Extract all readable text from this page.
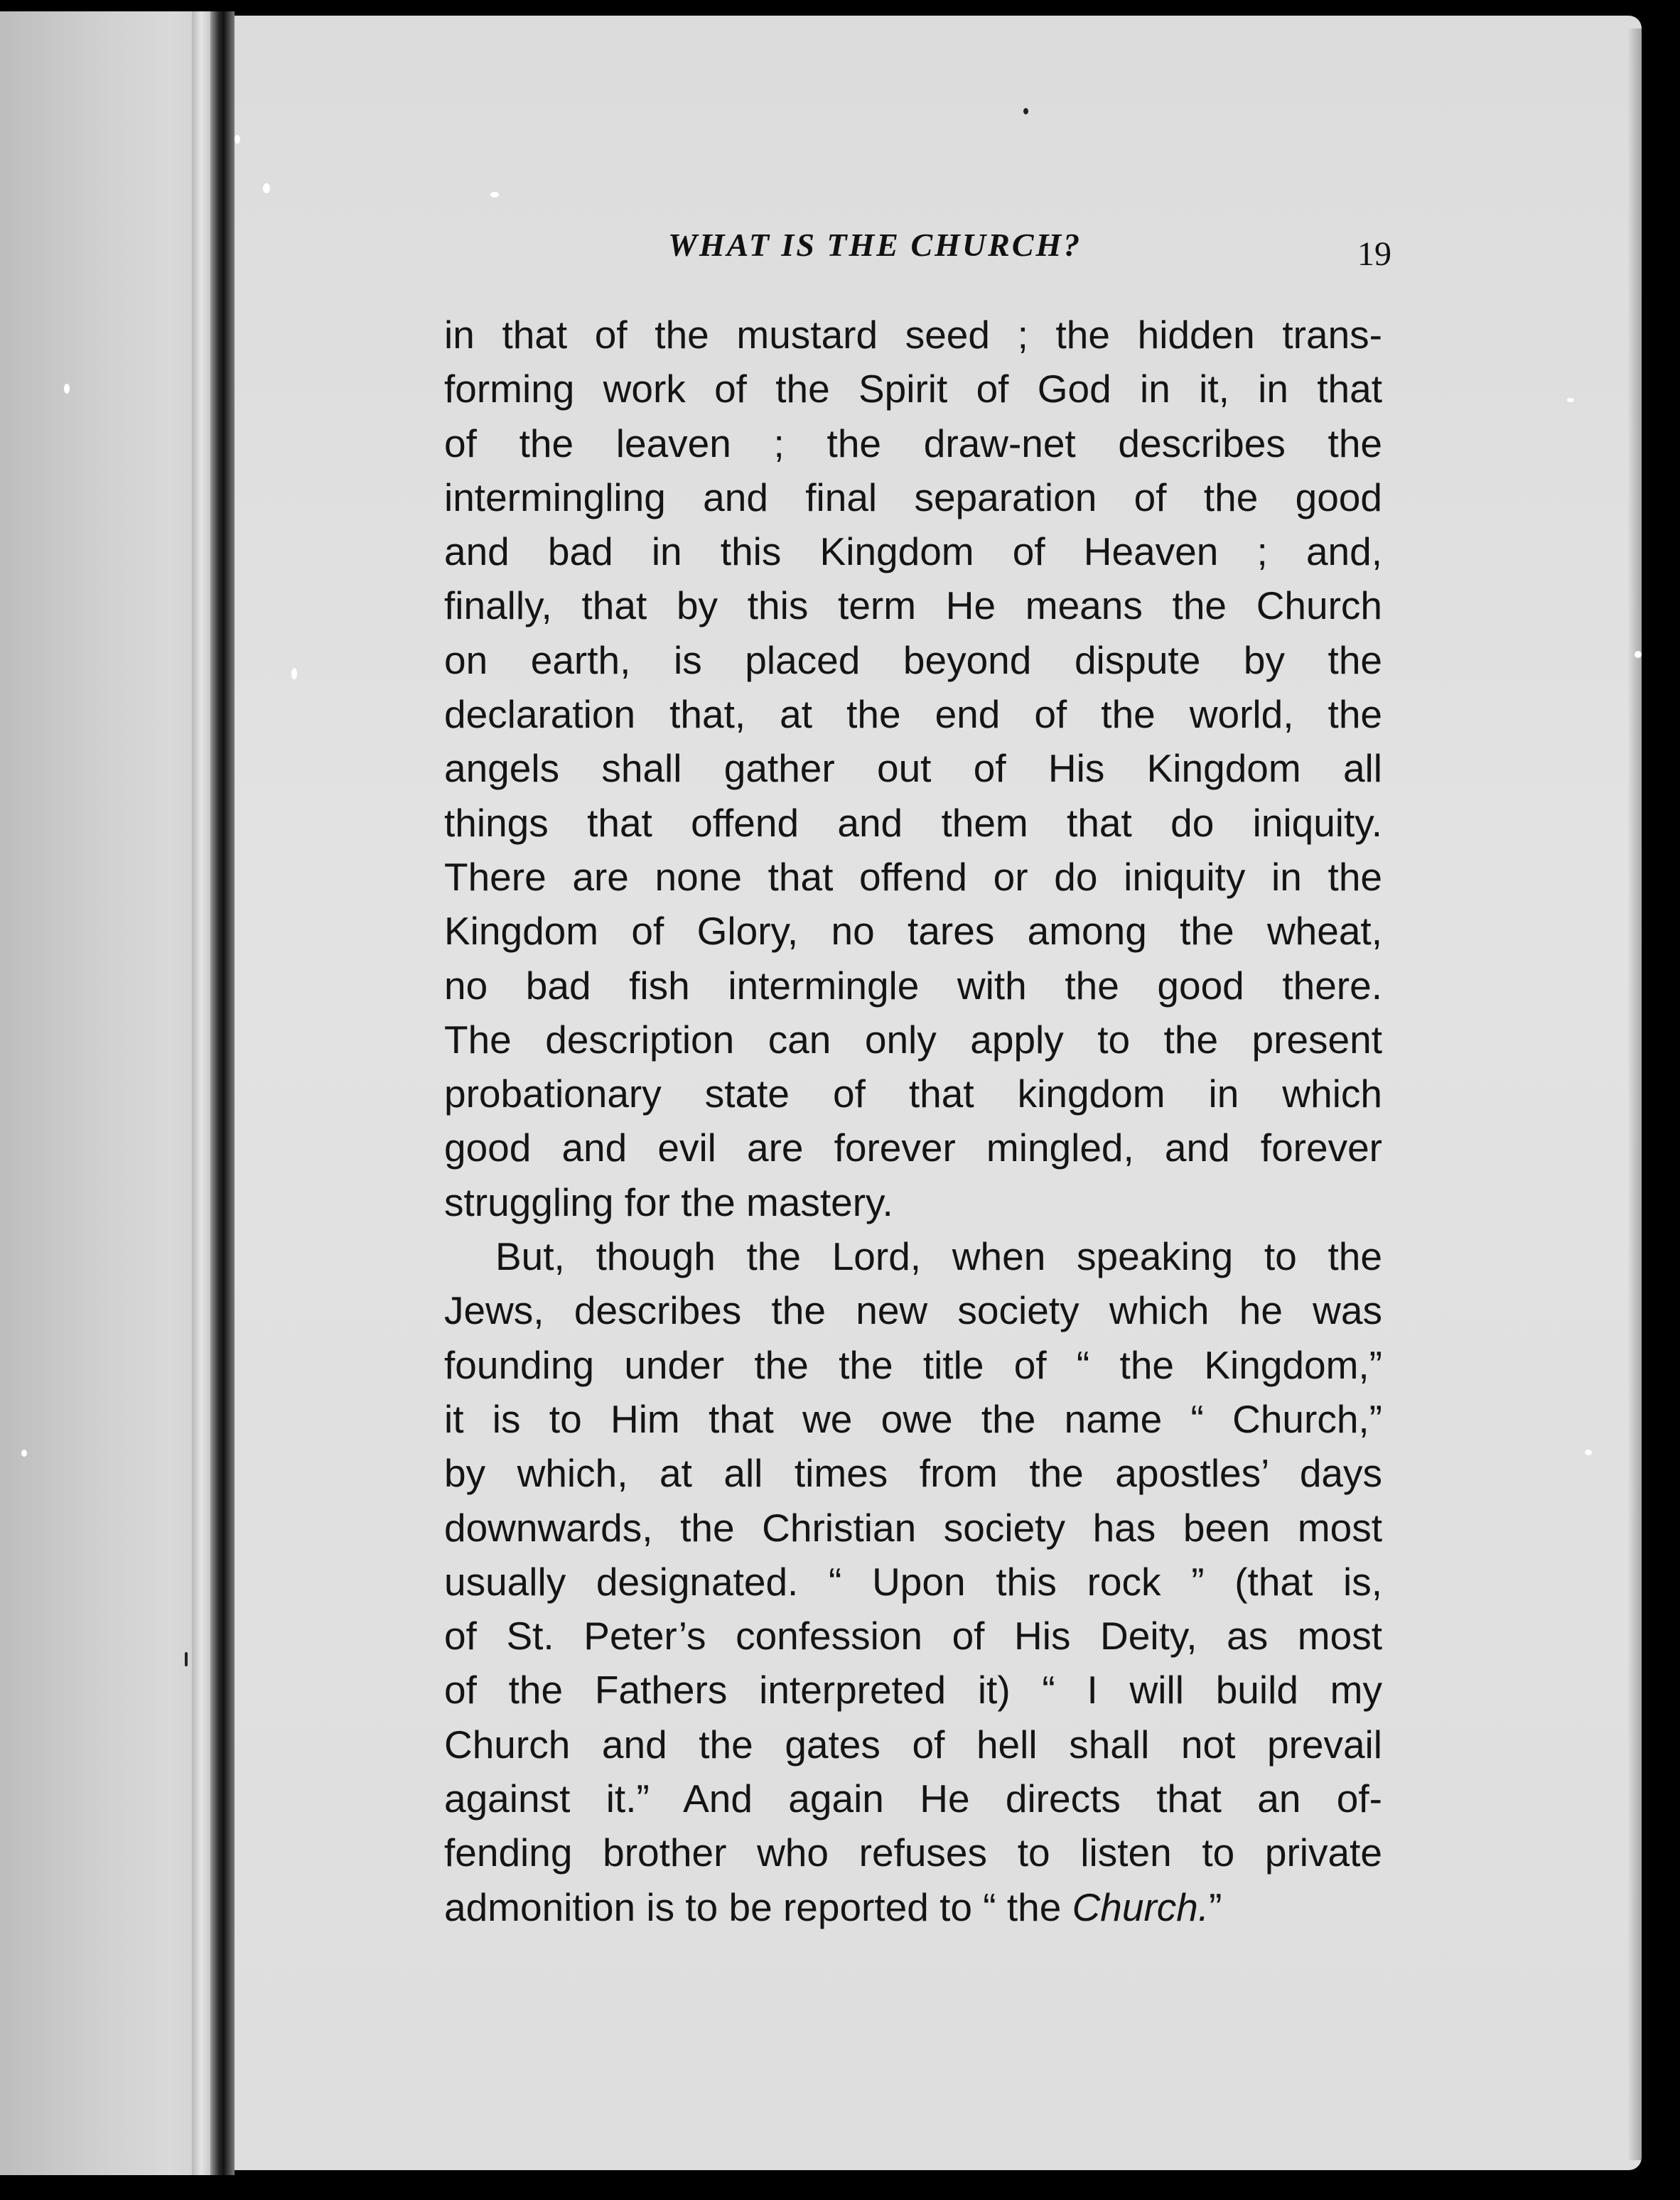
WHAT IS THE CHURCH?	19
in that of the mustard seed ; the hidden trans-
forming work of the Spirit of God in it, in that
of the leaven ; the draw-net describes the
intermingling and final separation of the good
and bad in this Kingdom of Heaven ; and,
finally, that by this term He means the Church
on earth, is placed beyond dispute by the
declaration that, at the end of the world, the
angels shall gather out of His Kingdom all
things that offend and them that do iniquity.
There are none that offend or do iniquity in the
Kingdom of Glory, no tares among the wheat,
no bad fish intermingle with the good there.
The description can only apply to the present
probationary state of that kingdom in which
good and evil are forever mingled, and forever
struggling for the mastery.
But, though the Lord, when speaking to the
Jews, describes the new society which he was
founding under the the title of “ the Kingdom,”
it is to Him that we owe the name “ Church,”
by which, at all times from the apostles’ days
downwards, the Christian society has been most
usually designated. “ Upon this rock ” (that is,
of St. Peter’s confession of His Deity, as most
of the Fathers interpreted it) “ I will build my
Church and the gates of hell shall not prevail
against it.” And again He directs that an of-
fending brother who refuses to listen to private
admonition is to be reported to “ the Church.”
